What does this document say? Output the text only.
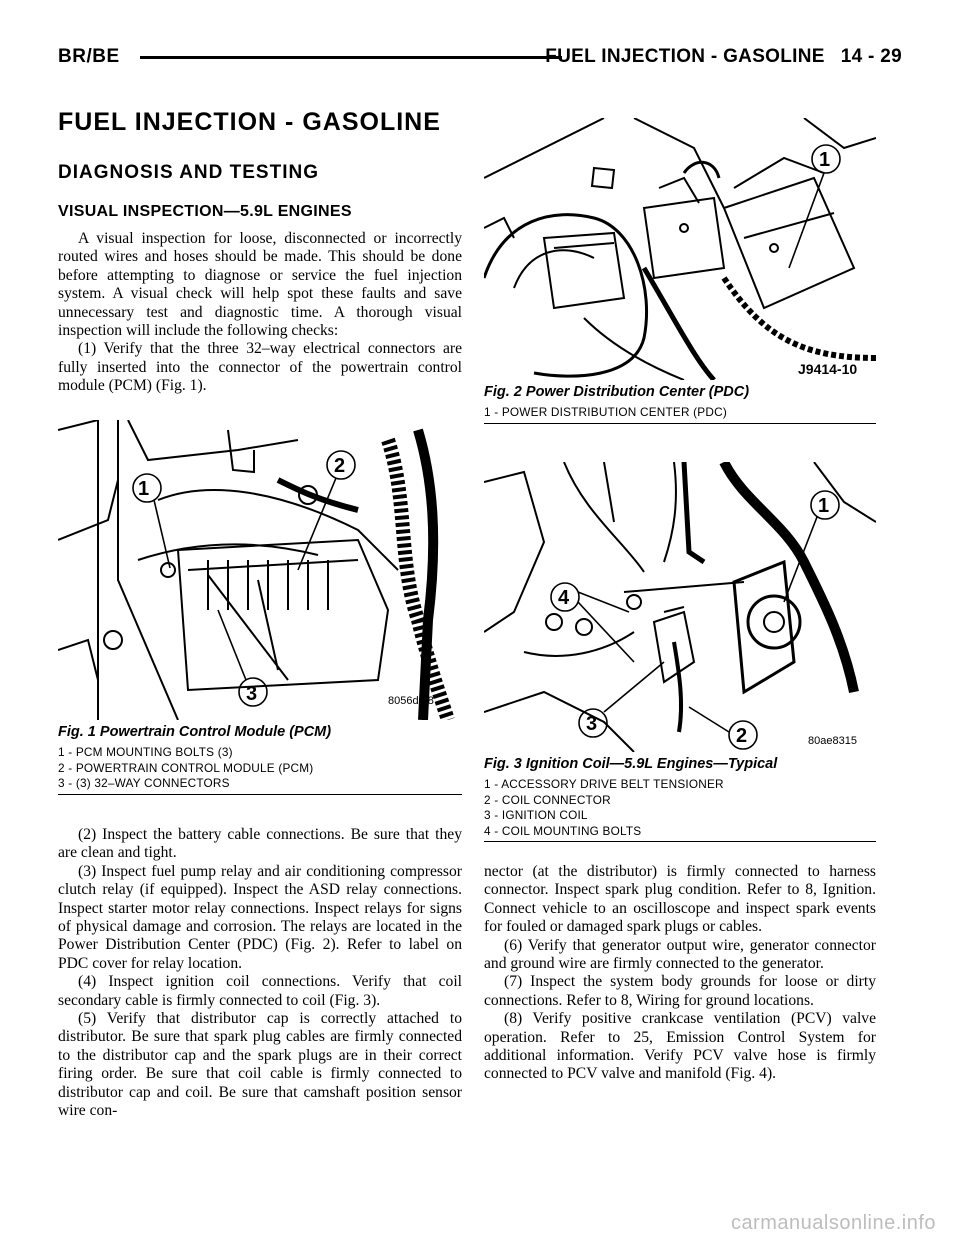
BR/BE	FUEL INJECTION - GASOLINE 14 - 29
FUEL INJECTION - GASOLINE
DIAGNOSIS AND TESTING
VISUAL INSPECTION—5.9L ENGINES

A visual inspection for loose, disconnected or incorrectly routed wires and hoses should be made. This should be done before attempting to diagnose or service the fuel injection system. A visual check will help spot these faults and save unnecessary test and diagnostic time. A thorough visual inspection will include the following checks:

(1) Verify that the three 32–way electrical connectors are fully inserted into the connector of the powertrain control module (PCM) (Fig. 1).

1
2
3	8056d9f8
Fig. 1 Powertrain Control Module (PCM)
1 - PCM MOUNTING BOLTS (3)
2 - POWERTRAIN CONTROL MODULE (PCM)
3 - (3) 32–WAY CONNECTORS

(2) Inspect the battery cable connections. Be sure that they are clean and tight.

(3) Inspect fuel pump relay and air conditioning compressor clutch relay (if equipped). Inspect the ASD relay connections. Inspect starter motor relay connections. Inspect relays for signs of physical damage and corrosion. The relays are located in the Power Distribution Center (PDC) (Fig. 2). Refer to label on PDC cover for relay location.

(4) Inspect ignition coil connections. Verify that coil secondary cable is firmly connected to coil (Fig. 3).

(5) Verify that distributor cap is correctly attached to distributor. Be sure that spark plug cables are firmly connected to the distributor cap and the spark plugs are in their correct firing order. Be sure that coil cable is firmly connected to distributor cap and coil. Be sure that camshaft position sensor wire con-

1
J9414-10
Fig. 2 Power Distribution Center (PDC)
1 - POWER DISTRIBUTION CENTER (PDC)
1
2
3
4
80ae8315
Fig. 3 Ignition Coil—5.9L Engines—Typical
1 - ACCESSORY DRIVE BELT TENSIONER
2 - COIL CONNECTOR
3 - IGNITION COIL
4 - COIL MOUNTING BOLTS

nector (at the distributor) is firmly connected to harness connector. Inspect spark plug condition. Refer to 8, Ignition. Connect vehicle to an oscilloscope and inspect spark events for fouled or damaged spark plugs or cables.

(6) Verify that generator output wire, generator connector and ground wire are firmly connected to the generator.

(7) Inspect the system body grounds for loose or dirty connections. Refer to 8, Wiring for ground locations.

(8) Verify positive crankcase ventilation (PCV) valve operation. Refer to 25, Emission Control System for additional information. Verify PCV valve hose is firmly connected to PCV valve and manifold (Fig. 4).

carmanualsonline.info
